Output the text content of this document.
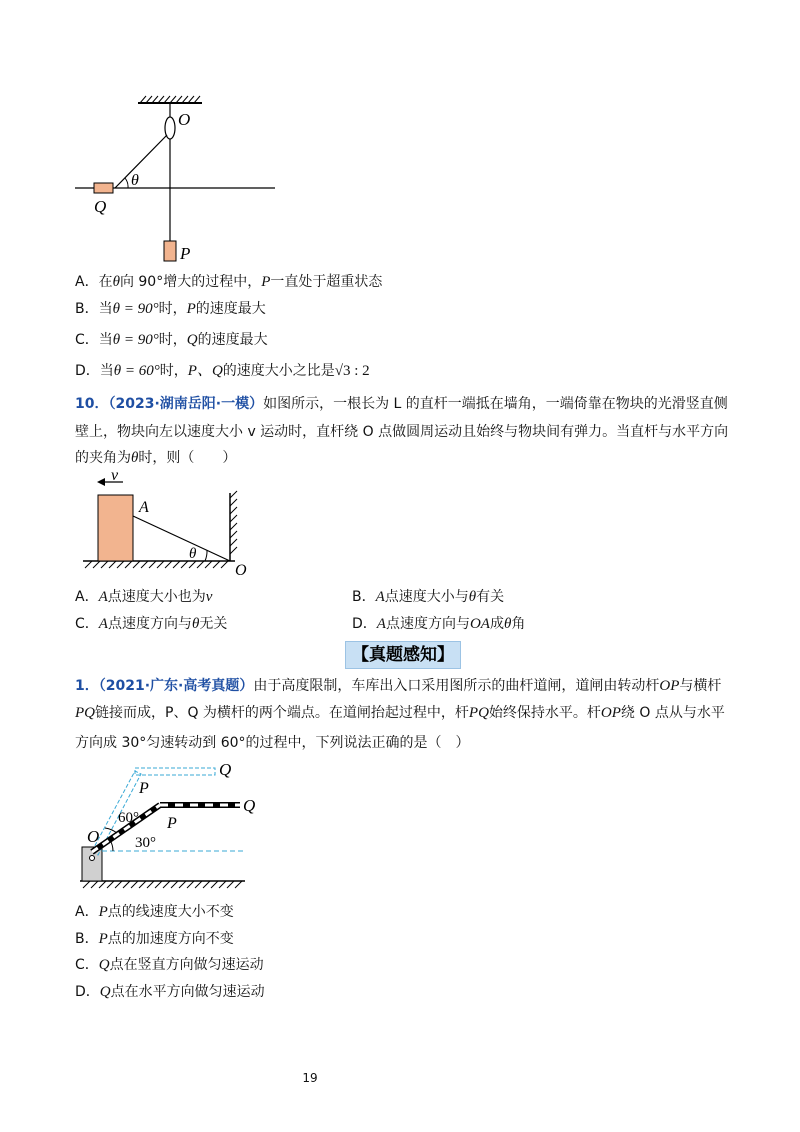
O
θ
Q
P
A．在θ向 90°增大的过程中，P一直处于超重状态
B．当θ = 90°时，P的速度最大
C．当θ = 90°时，Q的速度最大
D．当θ = 60°时，P、Q的速度大小之比是√3 : 2
10．（2023·湖南岳阳·一模）如图所示，一根长为 L 的直杆一端抵在墙角，一端倚靠在物块的光滑竖直侧
壁上，物块向左以速度大小 v 运动时，直杆绕 O 点做圆周运动且始终与物块间有弹力。当直杆与水平方向
的夹角为θ时，则（　　）
v
A
θ
O
A．A点速度大小也为v	B．A点速度大小与θ有关
C．A点速度方向与θ无关	D．A点速度方向与OA成θ角
【真题感知】
1．（2021·广东·高考真题）由于高度限制，车库出入口采用图所示的曲杆道闸，道闸由转动杆OP与横杆
PQ链接而成，P、Q 为横杆的两个端点。在道闸抬起过程中，杆PQ始终保持水平。杆OP绕 O 点从与水平
方向成 30°匀速转动到 60°的过程中，下列说法正确的是（　）
Q
P
Q
P
O
60°
30°
A．P点的线速度大小不变
B．P点的加速度方向不变
C．Q点在竖直方向做匀速运动
D．Q点在水平方向做匀速运动
19
